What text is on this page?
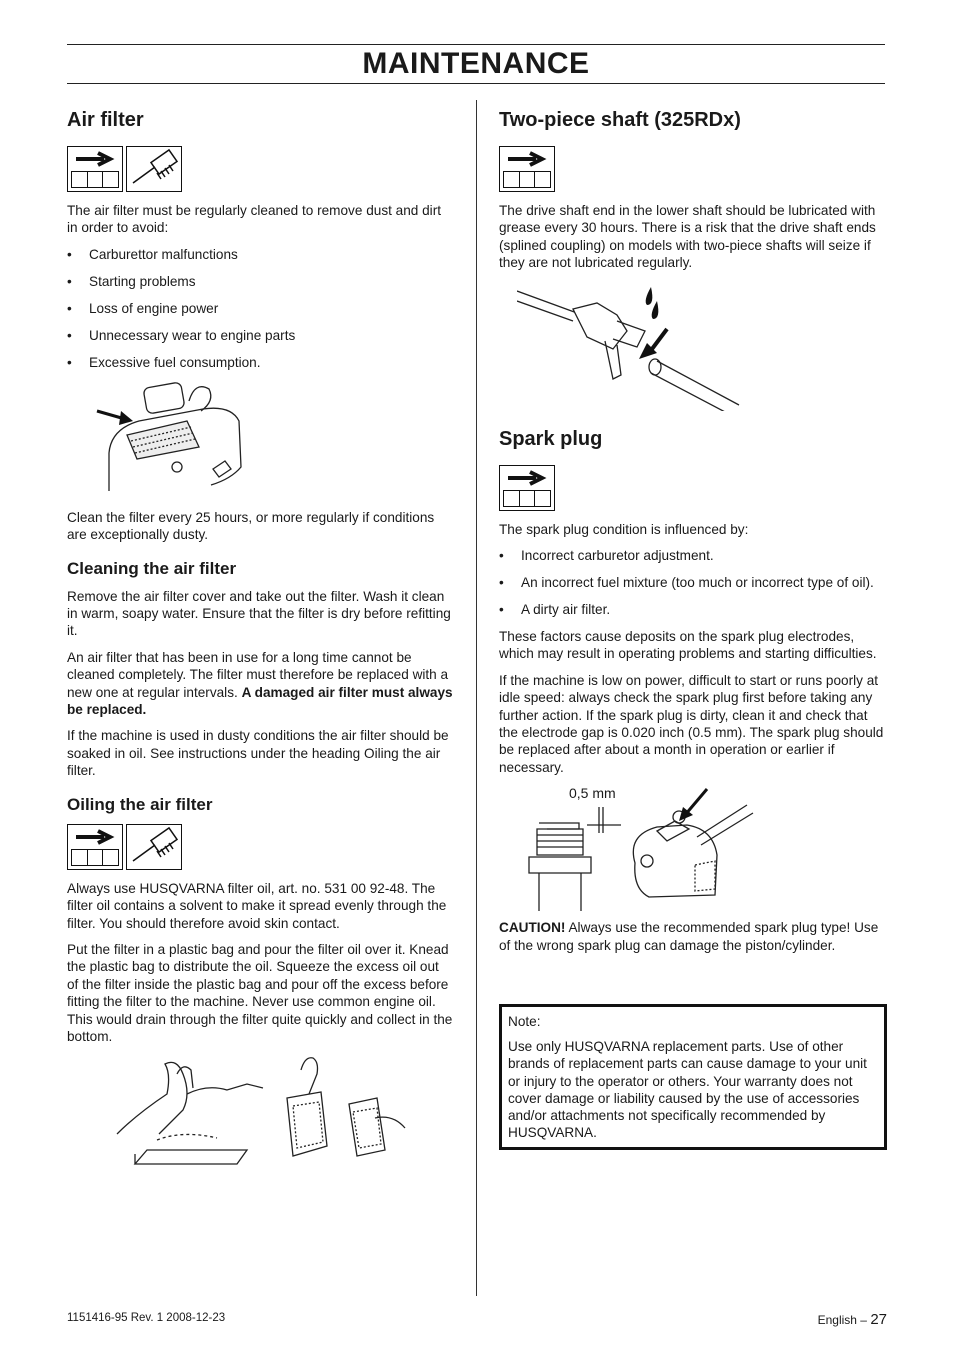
MAINTENANCE
Air filter

The air filter must be regularly cleaned to remove dust and dirt in order to avoid:

• Carburettor malfunctions
• Starting problems
• Loss of engine power
• Unnecessary wear to engine parts
• Excessive fuel consumption.

Clean the filter every 25 hours, or more regularly if conditions are exceptionally dusty.

Cleaning the air filter

Remove the air filter cover and take out the filter. Wash it clean in warm, soapy water. Ensure that the filter is dry before refitting it.

An air filter that has been in use for a long time cannot be cleaned completely. The filter must therefore be replaced with a new one at regular intervals. A damaged air filter must always be replaced.

If the machine is used in dusty conditions the air filter should be soaked in oil. See instructions under the heading Oiling the air filter.

Oiling the air filter

Always use HUSQVARNA filter oil, art. no. 531 00 92-48. The filter oil contains a solvent to make it spread evenly through the filter. You should therefore avoid skin contact.

Put the filter in a plastic bag and pour the filter oil over it. Knead the plastic bag to distribute the oil. Squeeze the excess oil out of the filter inside the plastic bag and pour off the excess before fitting the filter to the machine. Never use common engine oil. This would drain through the filter quite quickly and collect in the bottom.

Two-piece shaft (325RDx)

The drive shaft end in the lower shaft should be lubricated with grease every 30 hours. There is a risk that the drive shaft ends (splined coupling) on models with two-piece shafts will seize if they are not lubricated regularly.

Spark plug

The spark plug condition is influenced by:

• Incorrect carburetor adjustment.
• An incorrect fuel mixture (too much or incorrect type of oil).
• A dirty air filter.

These factors cause deposits on the spark plug electrodes, which may result in operating problems and starting difficulties.

If the machine is low on power, difficult to start or runs poorly at idle speed: always check the spark plug first before taking any further action. If the spark plug is dirty, clean it and check that the electrode gap is 0.020 inch (0.5 mm). The spark plug should be replaced after about a month in operation or earlier if necessary.

0,5 mm

CAUTION! Always use the recommended spark plug type! Use of the wrong spark plug can damage the piston/cylinder.

Note:

Use only HUSQVARNA replacement parts. Use of other brands of replacement parts can cause damage to your unit or injury to the operator or others. Your warranty does not cover damage or liability caused by the use of accessories and/or attachments not specifically recommended by HUSQVARNA.

1151416-95 Rev. 1 2008-12-23	English – 27
